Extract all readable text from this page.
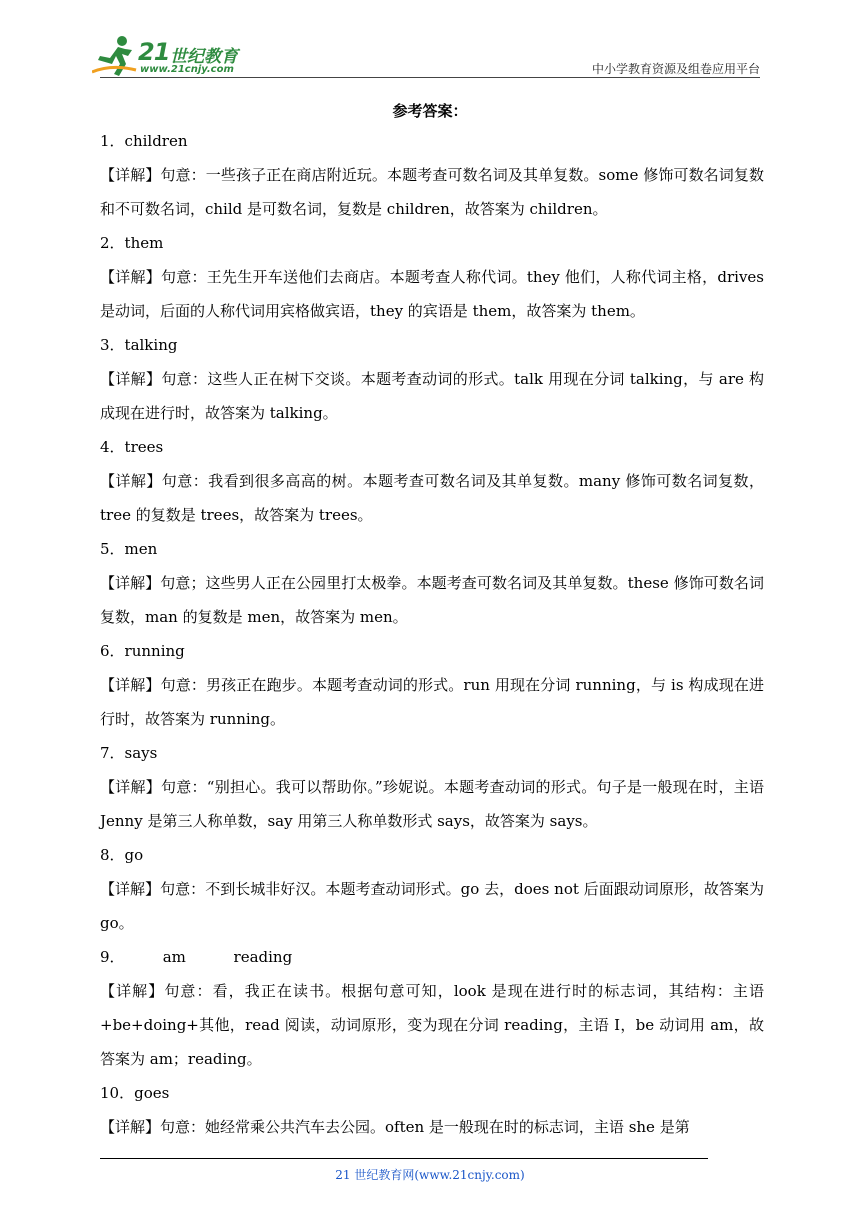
21 世纪教育
www.21cnjy.com	中小学教育资源及组卷应用平台
参考答案：
1．children
【详解】句意：一些孩子正在商店附近玩。本题考查可数名词及其单复数。some 修饰可数名词复数和不可数名词，child 是可数名词，复数是 children，故答案为 children。
2．them
【详解】句意：王先生开车送他们去商店。本题考查人称代词。they 他们，人称代词主格，drives 是动词，后面的人称代词用宾格做宾语，they 的宾语是 them，故答案为 them。
3．talking
【详解】句意：这些人正在树下交谈。本题考查动词的形式。talk 用现在分词 talking，与 are 构成现在进行时，故答案为 talking。
4．trees
【详解】句意：我看到很多高高的树。本题考查可数名词及其单复数。many 修饰可数名词复数，tree 的复数是 trees，故答案为 trees。
5．men
【详解】句意；这些男人正在公园里打太极拳。本题考查可数名词及其单复数。these 修饰可数名词复数，man 的复数是 men，故答案为 men。
6．running
【详解】句意：男孩正在跑步。本题考查动词的形式。run 用现在分词 running，与 is 构成现在进行时，故答案为 running。
7．says
【详解】句意：“别担心。我可以帮助你。”珍妮说。本题考查动词的形式。句子是一般现在时，主语 Jenny 是第三人称单数，say 用第三人称单数形式 says，故答案为 says。
8．go
【详解】句意：不到长城非好汉。本题考查动词形式。go 去，does not 后面跟动词原形，故答案为 go。
9．        am          reading
【详解】句意：看，我正在读书。根据句意可知，look 是现在进行时的标志词，其结构：主语+be+doing+其他，read 阅读，动词原形，变为现在分词 reading，主语 I，be 动词用 am，故答案为 am；reading。
10．goes
【详解】句意：她经常乘公共汽车去公园。often 是一般现在时的标志词，主语 she 是第
21 世纪教育网(www.21cnjy.com)
